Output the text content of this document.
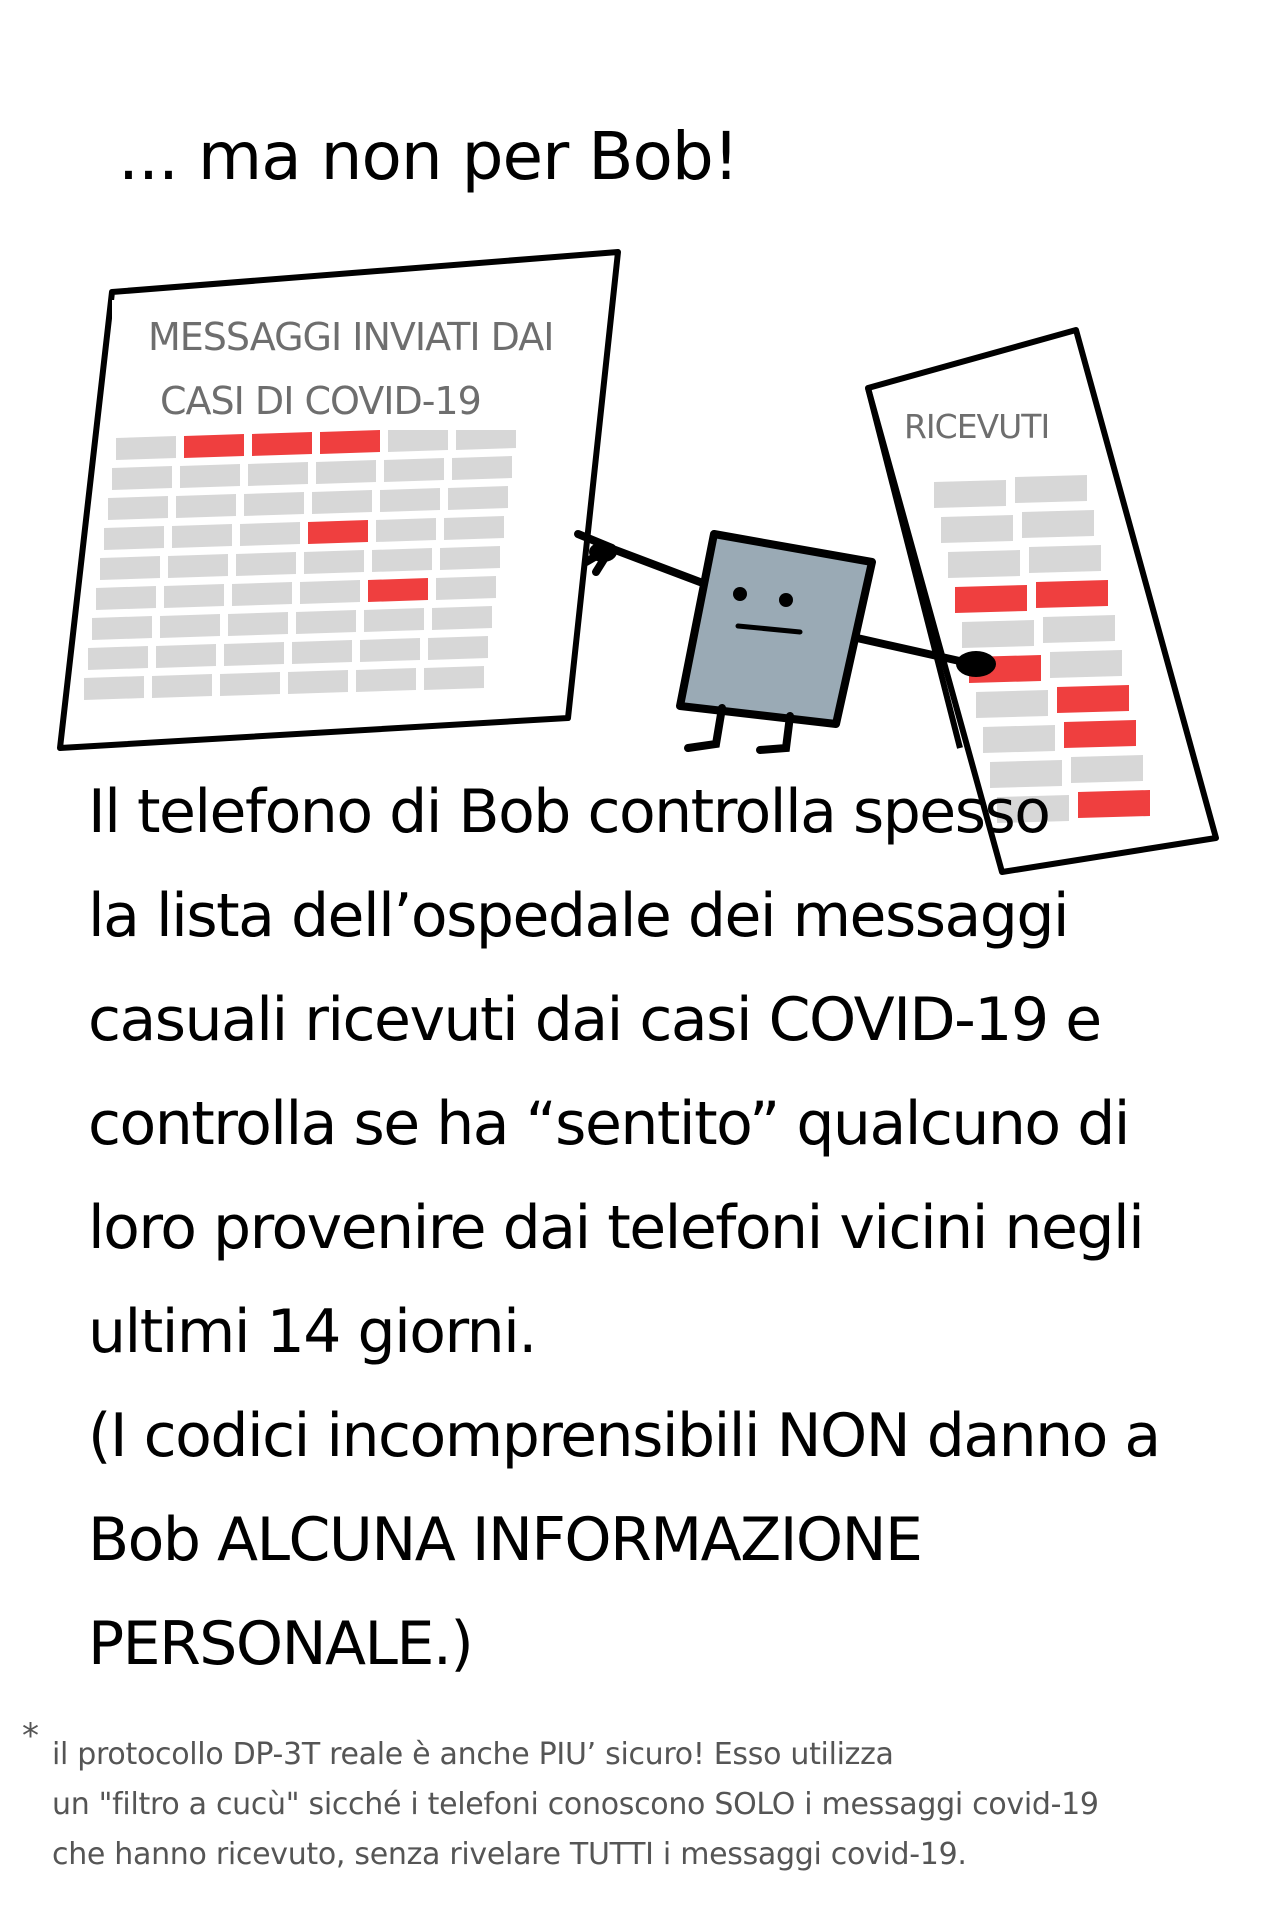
... ma non per Bob!
MESSAGGI INVIATI DAI
CASI DI COVID-19
RICEVUTI

Il telefono di Bob controlla spesso
la lista dell’ospedale dei messaggi
casuali ricevuti dai casi COVID-19 e
controlla se ha “sentito” qualcuno di
loro provenire dai telefoni vicini negli
ultimi 14 giorni.
(I codici incomprensibili NON danno a
Bob ALCUNA INFORMAZIONE
PERSONALE.)

* il protocollo DP-3T reale è anche PIU’ sicuro! Esso utilizza
un "filtro a cucù" sicché i telefoni conoscono SOLO i messaggi covid-19
che hanno ricevuto, senza rivelare TUTTI i messaggi covid-19.
